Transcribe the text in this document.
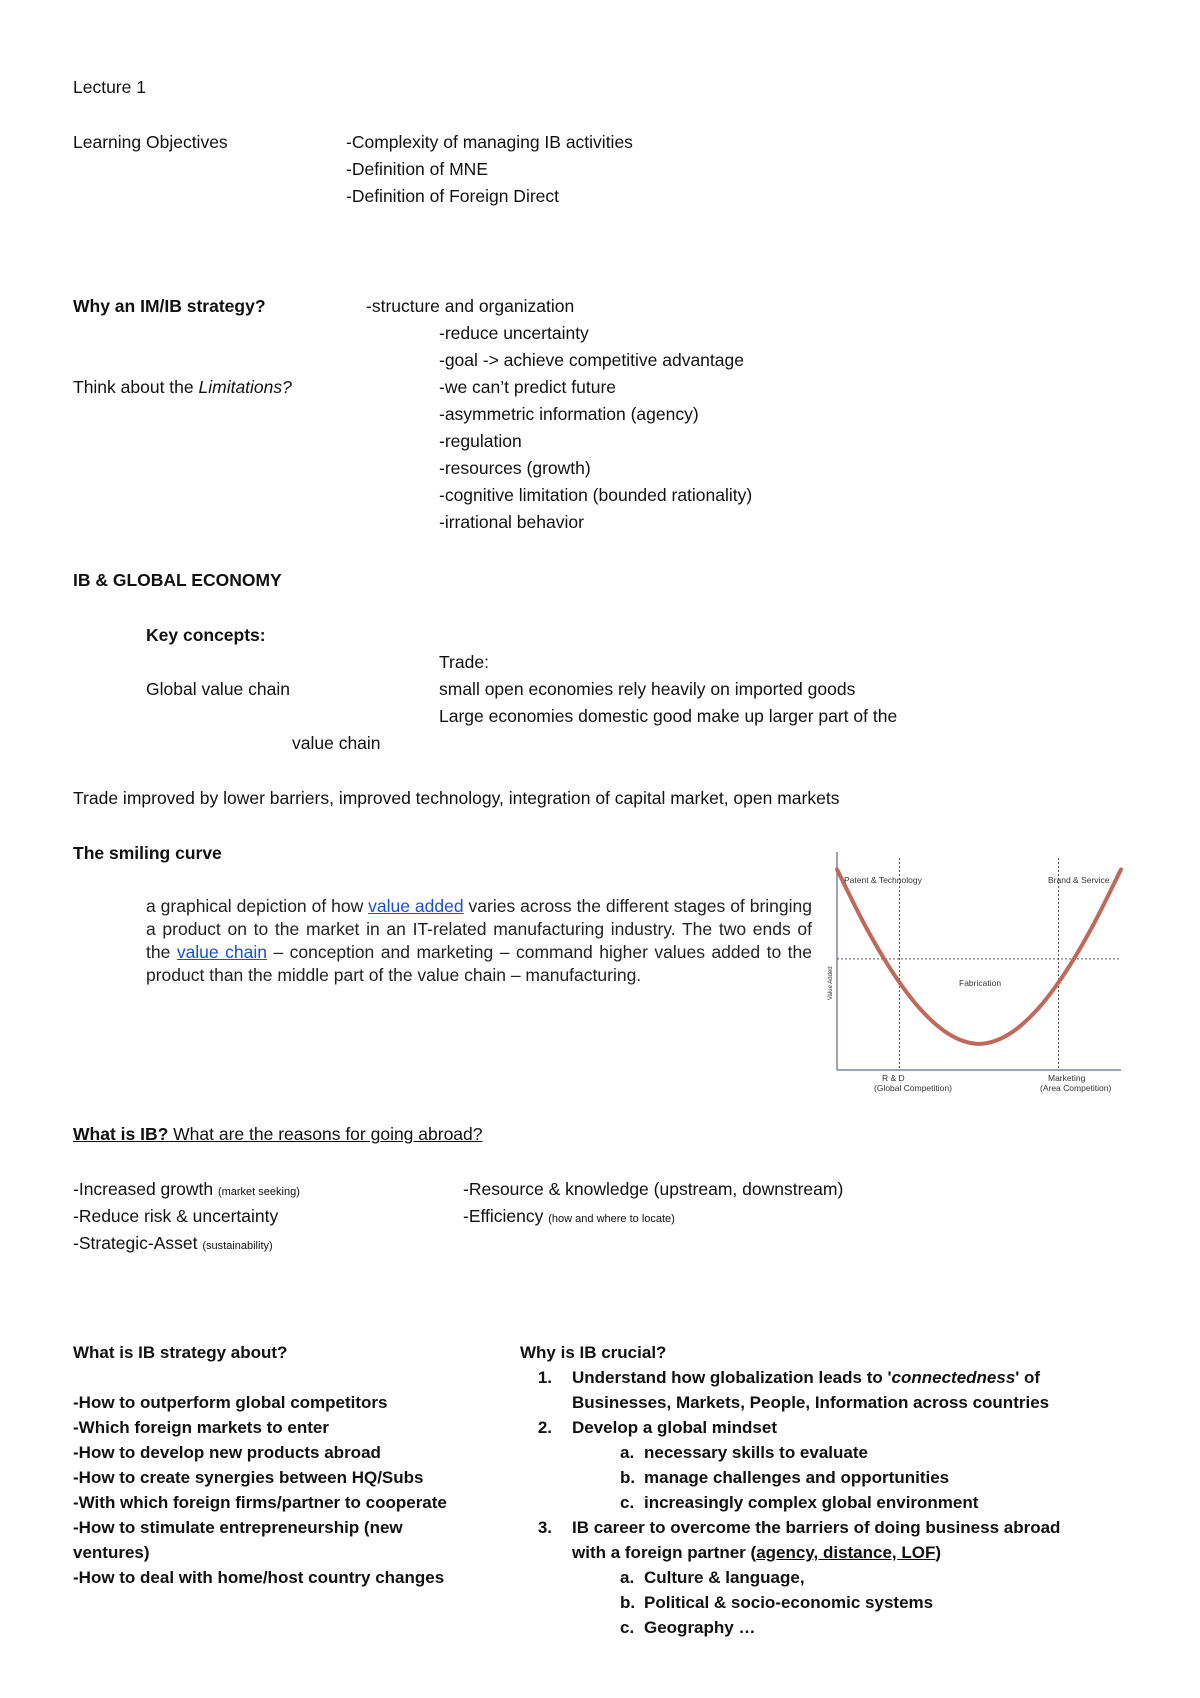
Lecture 1
Learning Objectives	-Complexity of managing IB activities
-Definition of MNE
-Definition of Foreign Direct
Why an IM/IB strategy?	-structure and organization
-reduce uncertainty
-goal -> achieve competitive advantage
Think about the Limitations?	-we can’t predict future
-asymmetric information (agency)
-regulation
-resources (growth)
-cognitive limitation (bounded rationality)
-irrational behavior
IB & GLOBAL ECONOMY
Key concepts:
Trade:
Global value chain	small open economies rely heavily on imported goods
Large economies domestic good make up larger part of the
value chain
Trade improved by lower barriers, improved technology, integration of capital market, open markets
The smiling curve
a graphical depiction of how value added varies across the different stages of bringing a product on to the market in an IT-related manufacturing industry. The two ends of the value chain – conception and marketing – command higher values added to the product than the middle part of the value chain – manufacturing.
Patent & Technology
Fabrication
Brand & Service
Value Added
R & D
(Global Competition)
Marketing
(Area Competition)
What is IB? What are the reasons for going abroad?
-Increased growth (market seeking)
-Reduce risk & uncertainty
-Strategic-Asset (sustainability)
-Resource & knowledge (upstream, downstream)
-Efficiency (how and where to locate)
What is IB strategy about?
-How to outperform global competitors
-Which foreign markets to enter
-How to develop new products abroad
-How to create synergies between HQ/Subs
-With which foreign firms/partner to cooperate
-How to stimulate entrepreneurship (new
ventures)
-How to deal with home/host country changes
Why is IB crucial?
1. Understand how globalization leads to 'connectedness' of
Businesses, Markets, People, Information across countries
2. Develop a global mindset
a. necessary skills to evaluate
b. manage challenges and opportunities
c. increasingly complex global environment
3. IB career to overcome the barriers of doing business abroad
with a foreign partner (agency, distance, LOF)
a. Culture & language,
b. Political & socio-economic systems
c. Geography …
